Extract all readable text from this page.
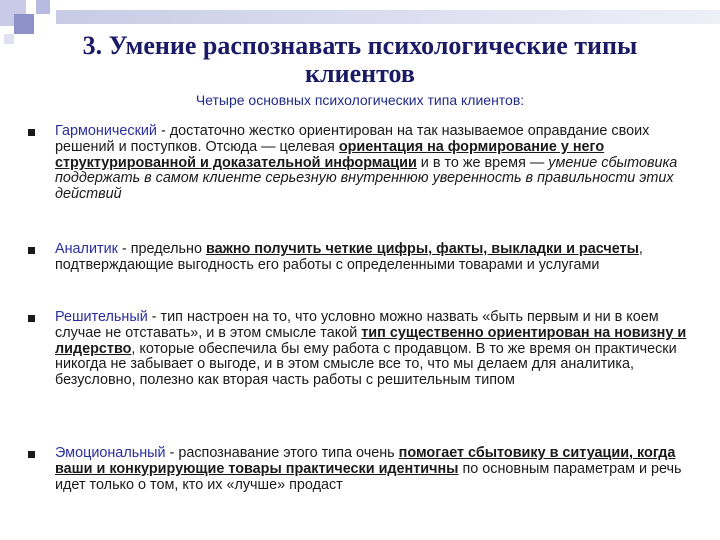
3. Умение распознавать психологические типы
клиентов
Четыре основных психологических типа клиентов:
Гармонический - достаточно жестко ориентирован на так называемое оправдание своих решений и поступков. Отсюда — целевая ориентация на формирование у него структурированной и доказательной информации и в то же время — умение сбытовика поддержать в самом клиенте серьезную внутреннюю уверенность в правильности этих действий
Аналитик - предельно важно получить четкие цифры, факты, выкладки и расчеты, подтверждающие выгодность его работы с определенными товарами и услугами
Решительный - тип настроен на то, что условно можно назвать «быть первым и ни в коем случае не отставать», и в этом смысле такой тип существенно ориентирован на новизну и лидерство, которые обеспечила бы ему работа с продавцом. В то же время он практически никогда не забывает о выгоде, и в этом смысле все то, что мы делаем для аналитика, безусловно, полезно как вторая часть работы с решительным типом
Эмоциональный - распознавание этого типа очень помогает сбытовику в ситуации, когда ваши и конкурирующие товары практически идентичны по основным параметрам и речь идет только о том, кто их «лучше» продаст
